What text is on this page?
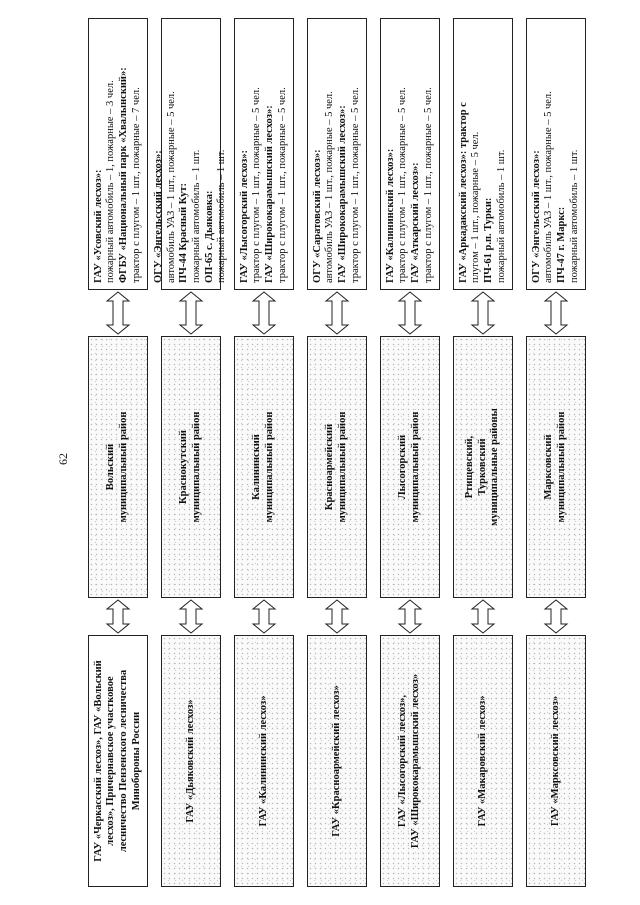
62
ГАУ «Черкасский лесхоз», ГАУ «Вольский лесхоз», Причернавское участковое лесничество Пензенского лесничества Минобороны России
Вольский муниципальный район
ГАУ «Усовский лесхоз»: пожарный автомобиль – 1, пожарные – 3 чел. ФГБУ «Национальный парк «Хвалынский»: трактор с плугом – 1 шт., пожарные – 7 чел.
ГАУ «Дьяковский лесхоз»
Краснокутский муниципальный район
ОГУ «Энгельсский лесхоз»: автомобиль УАЗ – 1 шт., пожарные – 5 чел. ПЧ-44 Красный Кут: пожарный автомобиль – 1 шт. ОП-65 с. Дьяковка: пожарный автомобиль – 1 шт.
ГАУ «Калининский лесхоз»
Калининский муниципальный район
ГАУ «Лысогорский лесхоз»: трактор с плугом – 1 шт., пожарные – 5 чел. ГАУ «Ширококарамышский лесхоз»: трактор с плугом – 1 шт., пожарные – 5 чел.
ГАУ «Красноармейский лесхоз»
Красноармейский муниципальный район
ОГУ «Саратовский лесхоз»: автомобиль УАЗ – 1 шт., пожарные – 5 чел. ГАУ «Ширококарамышский лесхоз»: трактор с плугом – 1 шт., пожарные – 5 чел.
ГАУ «Лысогорский лесхоз», ГАУ «Ширококарамышский лесхоз»
Лысогорский муниципальный район
ГАУ «Калининский лесхоз»: трактор с плугом – 1 шт., пожарные – 5 чел. ГАУ «Аткарский лесхоз»: трактор с плугом – 1 шт., пожарные – 5 чел.
ГАУ «Макаровский лесхоз»
Ртищевский, Турковский муниципальные районы
ГАУ «Аркадакский лесхоз»: трактор с плугом – 1 шт., пожарные – 5 чел. ПЧ-61 р.п. Турки: пожарный автомобиль – 1 шт.
ГАУ «Марксовский лесхоз»
Марксовский муниципальный район
ОГУ «Энгельсский лесхоз»: автомобиль УАЗ – 1 шт., пожарные – 5 чел. ПЧ-47 г. Маркс: пожарный автомобиль – 1 шт.
